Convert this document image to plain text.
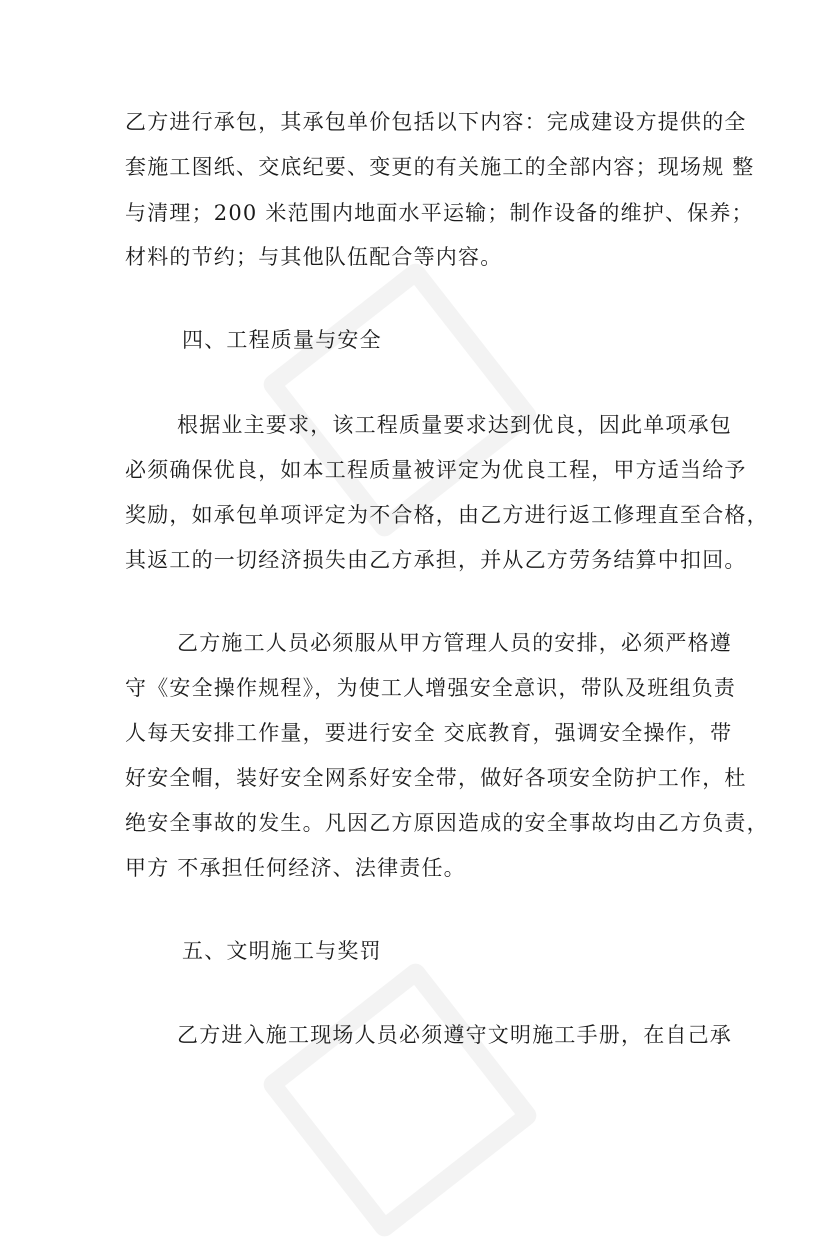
乙方进行承包，其承包单价包括以下内容：完成建设方提供的全
套施工图纸、交底纪要、变更的有关施工的全部内容；现场规 整
与清理；200 米范围内地面水平运输；制作设备的维护、保养；
材料的节约；与其他队伍配合等内容。
四、工程质量与安全
根据业主要求，该工程质量要求达到优良，因此单项承包
必须确保优良，如本工程质量被评定为优良工程，甲方适当给予
奖励，如承包单项评定为不合格，由乙方进行返工修理直至合格，
其返工的一切经济损失由乙方承担，并从乙方劳务结算中扣回。
乙方施工人员必须服从甲方管理人员的安排，必须严格遵
守《安全操作规程》，为使工人增强安全意识，带队及班组负责
人每天安排工作量，要进行安全 交底教育，强调安全操作，带
好安全帽，装好安全网系好安全带，做好各项安全防护工作，杜
绝安全事故的发生。凡因乙方原因造成的安全事故均由乙方负责，
甲方 不承担任何经济、法律责任。
五、文明施工与奖罚
乙方进入施工现场人员必须遵守文明施工手册，在自己承
